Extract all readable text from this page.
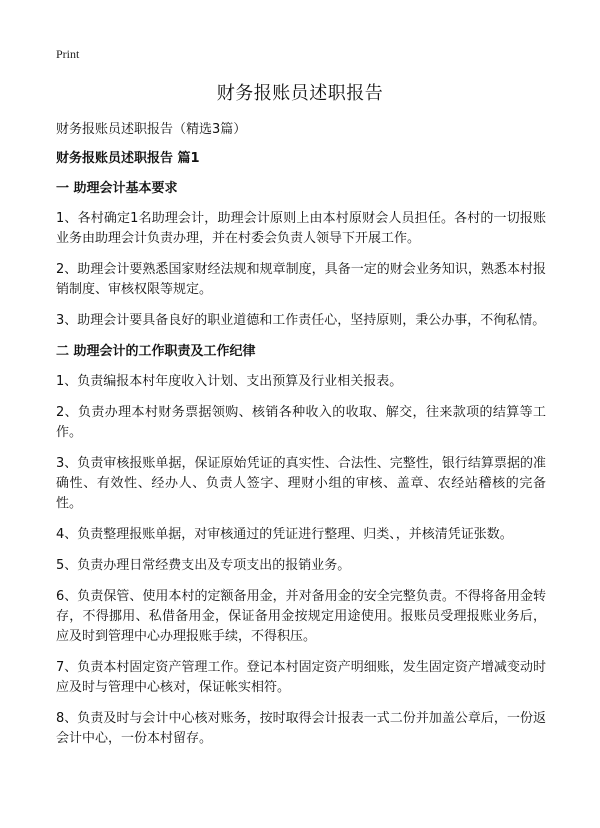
Print
财务报账员述职报告

财务报账员述职报告（精选3篇）

财务报账员述职报告 篇1

一 助理会计基本要求

1、各村确定1名助理会计，助理会计原则上由本村原财会人员担任。各村的一切报账业务由助理会计负责办理，并在村委会负责人领导下开展工作。

2、助理会计要熟悉国家财经法规和规章制度，具备一定的财会业务知识，熟悉本村报销制度、审核权限等规定。

3、助理会计要具备良好的职业道德和工作责任心，坚持原则，秉公办事，不徇私情。

二 助理会计的工作职责及工作纪律

1、负责编报本村年度收入计划、支出预算及行业相关报表。

2、负责办理本村财务票据领购、核销各种收入的收取、解交，往来款项的结算等工作。

3、负责审核报账单据，保证原始凭证的真实性、合法性、完整性，银行结算票据的准确性、有效性、经办人、负责人签字、理财小组的审核、盖章、农经站稽核的完备性。

4、负责整理报账单据，对审核通过的凭证进行整理、归类、，并核清凭证张数。

5、负责办理日常经费支出及专项支出的报销业务。

6、负责保管、使用本村的定额备用金，并对备用金的安全完整负责。不得将备用金转存，不得挪用、私借备用金，保证备用金按规定用途使用。报账员受理报账业务后，应及时到管理中心办理报账手续，不得积压。

7、负责本村固定资产管理工作。登记本村固定资产明细账，发生固定资产增减变动时应及时与管理中心核对，保证帐实相符。

8、负责及时与会计中心核对账务，按时取得会计报表一式二份并加盖公章后，一份返会计中心，一份本村留存。
